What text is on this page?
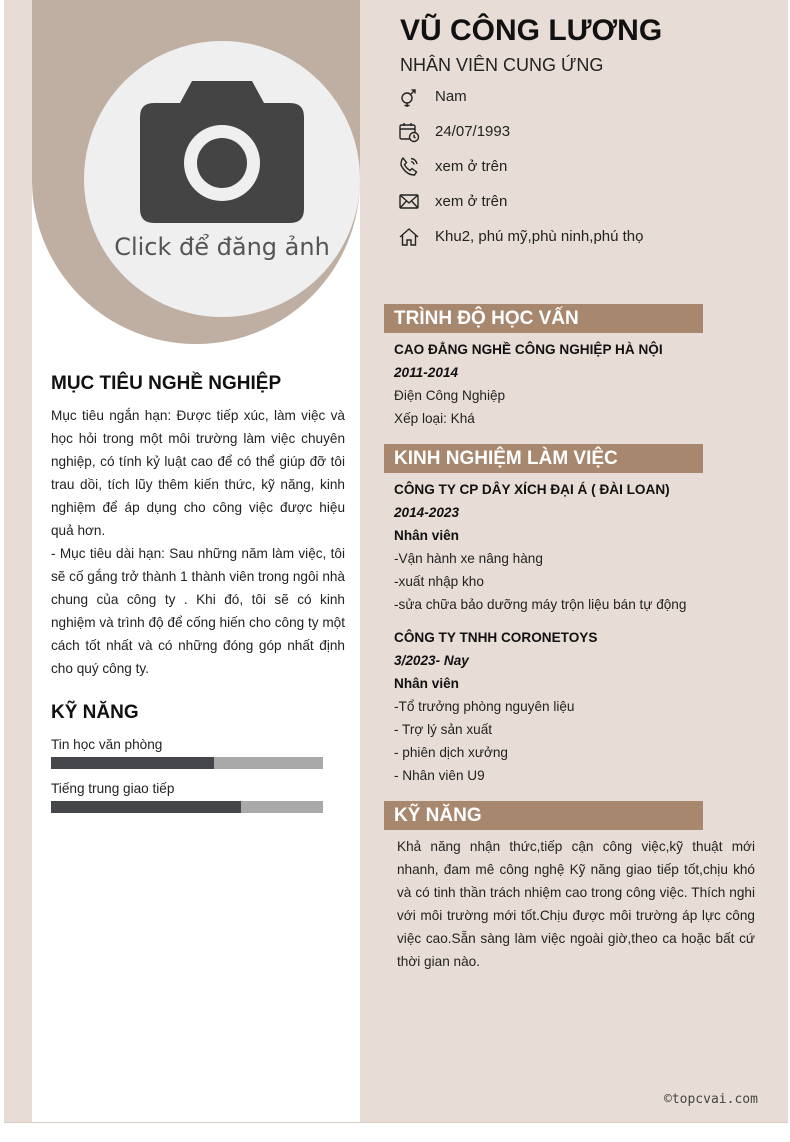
Click để đăng ảnh
VŨ CÔNG LƯƠNG
NHÂN VIÊN CUNG ỨNG
Nam
24/07/1993
xem ở trên
xem ở trên
Khu2, phú mỹ,phù ninh,phú thọ
MỤC TIÊU NGHỀ NGHIỆP

Mục tiêu ngắn hạn: Được tiếp xúc, làm việc và học hỏi trong một môi trường làm việc chuyên nghiệp, có tính kỷ luật cao để có thể giúp đỡ tôi trau dồi, tích lũy thêm kiến thức, kỹ năng, kinh nghiệm để áp dụng cho công việc được hiệu quả hơn.

- Mục tiêu dài hạn: Sau những năm làm việc, tôi sẽ cố gắng trở thành 1 thành viên trong ngôi nhà chung của công ty . Khi đó, tôi sẽ có kinh nghiệm và trình độ để cống hiến cho công ty một cách tốt nhất và có những đóng góp nhất định cho quý công ty.

KỸ NĂNG
Tin học văn phòng
Tiếng trung giao tiếp
TRÌNH ĐỘ HỌC VẤN
CAO ĐẲNG NGHỀ CÔNG NGHIỆP HÀ NỘI
2011-2014
Điện Công Nghiệp
Xếp loại: Khá
KINH NGHIỆM LÀM VIỆC
CÔNG TY CP DÂY XÍCH ĐẠI Á ( ĐÀI LOAN)
2014-2023
Nhân viên
-Vận hành xe nâng hàng
-xuất nhập kho
-sửa chữa bảo dưỡng máy trộn liệu bán tự động
CÔNG TY TNHH CORONETOYS
3/2023- Nay
Nhân viên
-Tổ trưởng phòng nguyên liệu
- Trợ lý sản xuất
- phiên dịch xưởng
- Nhân viên U9
KỸ NĂNG
Khả năng nhận thức,tiếp cận công việc,kỹ thuật mới nhanh, đam mê công nghệ Kỹ năng giao tiếp tốt,chịu khó và có tinh thần trách nhiệm cao trong công việc. Thích nghi với môi trường mới tốt.Chịu được môi trường áp lực công việc cao.Sẵn sàng làm việc ngoài giờ,theo ca hoặc bất cứ thời gian nào.
©topcvai.com
